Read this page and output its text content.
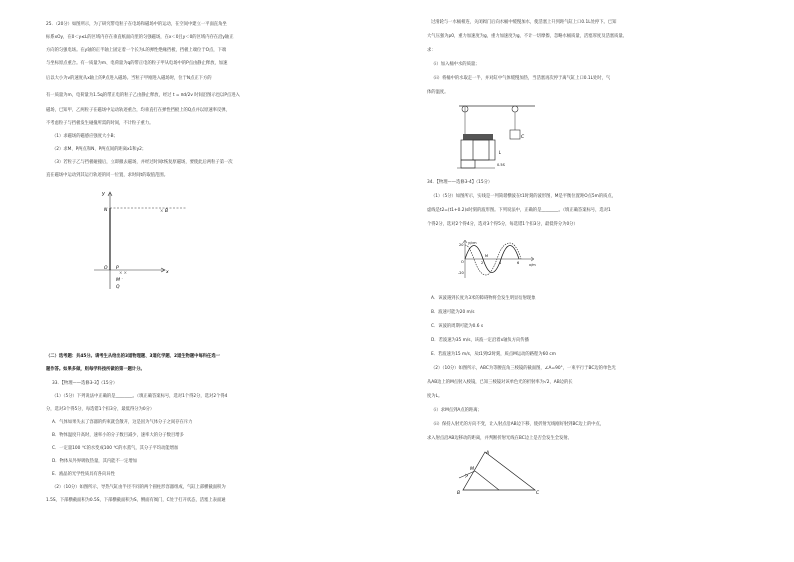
25．（20分）如图所示，为了研究带电粒子在电场和磁场中的运动，在空间中建立一平面直角坐
标系xOy，在0＜y≤L的区域内存在垂直纸面向里的匀强磁场，在x＜0且y＜0的区域内存在沿y轴正
方向的匀强电场。在y轴的正半轴上固定着一个长为L的弹性绝缘挡板，挡板上端位于O点，下端
与坐标原点重合。有一质量为m、电荷量为q的带正电的粒子甲从电场中的P点由静止释放，加速
后以大小为v的速度从x轴上的P点进入磁场。当粒子甲刚进入磁场时，位于N点正下方的
有一质量为m，电荷量为1.5q的带正电的粒子乙由静止释放，经过 t = πd/2v 时间沿图示也以P点进入
磁场，已知甲、乙两粒子在磁场中运动轨迹重合，均垂直打在弹性挡板上的Q点并以原速率反弹，
不考虑粒子与挡板发生碰撞所需的时间，不计粒子重力。
（1）求磁场的磁感应强度大小B；
（2）求M、P两点和N、P两点间的距离x1和y2；
（3）若粒子乙与挡板碰撞后，立即撤去磁场，并经过时间t恢复原磁场，要使此后两粒子第一次
直在磁场中运动到其运行轨迹的同一位置，求时间t的取值范围。
× ×
· ·
y
N	× B
O P
M
Q
x
（二）选考题：共45分。请考生从给出的3道物理题、3道化学题、2道生物题中每科任选一
题作答。如果多做，则每学科按所做的第一题计分。
33．【物理——选修3-3】（15分）
（1）（5分）下列说法中正确的是________。（填正确答案标号，选对1个得2分，选对2个得4
分，选对3个得5分，每选错1个扣3分，最低得分为0分）
A．气体如果失去了容器的约束就会散开，这是因为气体分子之间存在斥力
B．物体温度升高时，速率小的分子数目减少，速率大的分子数目增多
C．一定量100 ℃的水变成100 ℃的水蒸气，其分子平均动能增加
D．物体从外界吸收热量，其内能不一定增加
E．液晶的光学性质具有各向异性
（2）（10分）如图所示，导热气缸由半径不同的两个圆柱形容器组成，气缸上部横截面积为
1.5S，下部横截面积为0.5S，下部横截面积为S，侧面有阀门，C处于打开状态，活塞上表面通
过滑轮与一水桶相连，关闭阀门后向水桶中缓慢加水，使活塞上升到距气缸上口0.1L处停下。已知
大气压强为p0，重力加速度为g，重力加速度为g，不计一切摩擦，忽略水桶质量，活塞厚度及活塞质量。
求：
（i）加入桶中水的质量；
（ii）将桶中的水取走一半，并对缸中气体缓慢加热，当活塞再次停于离气缸上口0.1L处时，气
体的温度。
C
L
0.5S
34．【物理——选修3-4】（15分）
（1）（5分）如图所示，实线是一列简谐横波在t1时刻的波形图，M是平衡位置距O点5m的质点，
虚线是t2=(t1+0.2)s时刻的波形图。下列说法中，正确的是________。（填正确答案标号，选对1
个得2分，选对2个得4分，选对3个得5分，每选错1个扣3分，最低得分为0分）
y/cm
20
-20
x/m
O
M
2	4	6
A．该波遇到长度为3米的障碍物将会发生明显衍射现象
B．波速可能为20 m/s
C．该波的周期可能为0.6 s
D．若波速为35 m/s，该波一定沿着x轴负方向传播
E．若波速为15 m/s，从t1到t2时刻，质点M运动的路程为60 cm
（2）（10分）如图所示，ABC为等腰直角三棱镜的截面图，∠A=90°，一束平行于BC边的单色光
从AB边上的M点射入棱镜，已知三棱镜对该单色光的折射率为√2，AB边的长
度为L。
（i）求M点到A点的距离；
（ii）保持入射光的方向不变，让入射点沿AB边下移，使折射光线刚好射到BC边上的中点，
求入射点沿AB边移动的距离，并判断折射光线在BC边上是否会发生全发射。
A
M
B	C
